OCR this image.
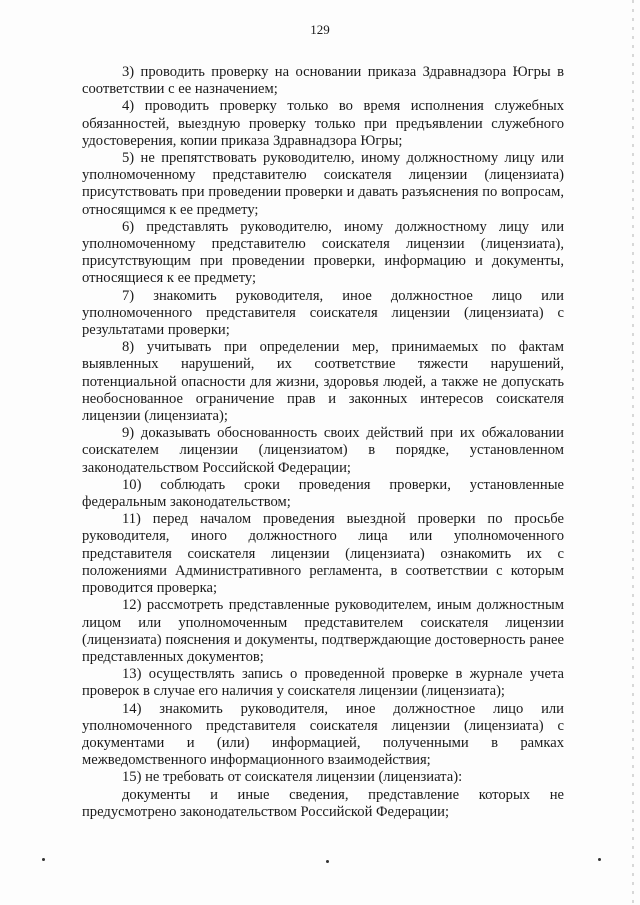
129

3) проводить проверку на основании приказа Здравнадзора Югры в соответствии с ее назначением;

4) проводить проверку только во время исполнения служебных обязанностей, выездную проверку только при предъявлении служебного удостоверения, копии приказа Здравнадзора Югры;

5) не препятствовать руководителю, иному должностному лицу или уполномоченному представителю соискателя лицензии (лицензиата) присутствовать при проведении проверки и давать разъяснения по вопросам, относящимся к ее предмету;

6) представлять руководителю, иному должностному лицу или уполномоченному представителю соискателя лицензии (лицензиата), присутствующим при проведении проверки, информацию и документы, относящиеся к ее предмету;

7) знакомить руководителя, иное должностное лицо или уполномоченного представителя соискателя лицензии (лицензиата) с результатами проверки;

8) учитывать при определении мер, принимаемых по фактам выявленных нарушений, их соответствие тяжести нарушений, потенциальной опасности для жизни, здоровья людей, а также не допускать необоснованное ограничение прав и законных интересов соискателя лицензии (лицензиата);

9) доказывать обоснованность своих действий при их обжаловании соискателем лицензии (лицензиатом) в порядке, установленном законодательством Российской Федерации;

10) соблюдать сроки проведения проверки, установленные федеральным законодательством;

11) перед началом проведения выездной проверки по просьбе руководителя, иного должностного лица или уполномоченного представителя соискателя лицензии (лицензиата) ознакомить их с положениями Административного регламента, в соответствии с которым проводится проверка;

12) рассмотреть представленные руководителем, иным должностным лицом или уполномоченным представителем соискателя лицензии (лицензиата) пояснения и документы, подтверждающие достоверность ранее представленных документов;

13) осуществлять запись о проведенной проверке в журнале учета проверок в случае его наличия у соискателя лицензии (лицензиата);

14) знакомить руководителя, иное должностное лицо или уполномоченного представителя соискателя лицензии (лицензиата) с документами и (или) информацией, полученными в рамках межведомственного информационного взаимодействия;

15) не требовать от соискателя лицензии (лицензиата):

документы и иные сведения, представление которых не предусмотрено законодательством Российской Федерации;
